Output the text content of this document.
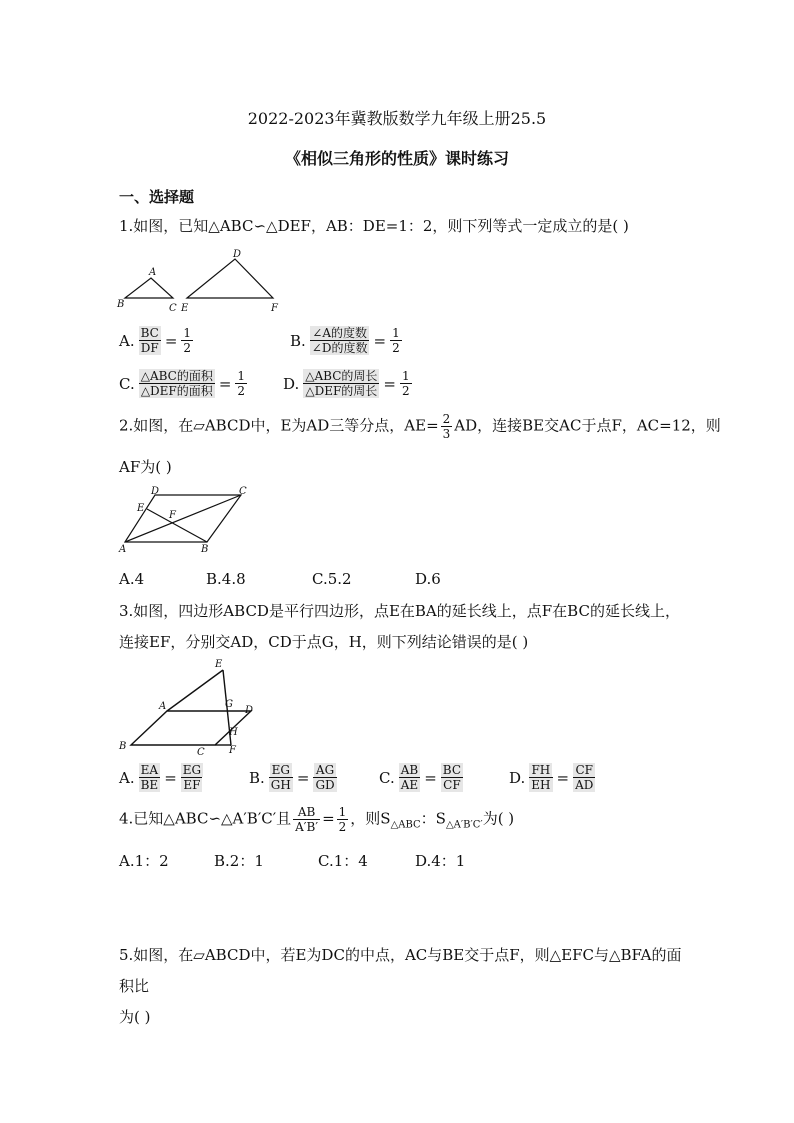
2022-2023年冀教版数学九年级上册25.5
《相似三角形的性质》课时练习
一、选择题
1.如图，已知△ABC∽△DEF，AB：DE=1：2，则下列等式一定成立的是( )
A
B	C
D
E	F
A. $\frac{BC}{DF} = \frac{1}{2}$	B. $\frac{\text{∠A的度数}}{\text{∠D的度数}} = \frac{1}{2}$
C. $\frac{\text{△ABC的面积}}{\text{△DEF的面积}} = \frac{1}{2} D$. $\frac{\text{△ABC的周长}}{\text{△DEF的周长}} = \frac{1}{2}$
2.如图，在▱ABCD中，E为AD三等分点，$AE= \frac{2}{3}$ AD，连接BE交AC于点F，AC=12，则
AF为( )
D	C
E
F
A	B
A.4	B.4.8	C.5.2	D.6
3.如图，四边形ABCD是平行四边形，点E在BA的延长线上，点F在BC的延长线上，
连接EF，分别交AD，CD于点G，H，则下列结论错误的是( )
E
G
A	D
H
B
C F
A. $\frac{EA}{BE} = \frac{EG}{EF}$	B. $\frac{EG}{GH} = \frac{AG}{GD}$	C. $\frac{AB}{AE} = \frac{BC}{CF}$	D. $\frac{FH}{EH} = \frac{CF}{AD}$
4.已知△ABC∽△A′B′C′且 $\frac{AB}{A'B'} = \frac{1}{2}$ ，则$S_{\triangle ABC}$：$S_{\triangle A'B'C'}$为( )
A.1：2	B.2：1	C.1：4	D.4：1
5.如图，在▱ABCD中，若E为DC的中点，AC与BE交于点F，则△EFC与△BFA的面
积比
为( )
